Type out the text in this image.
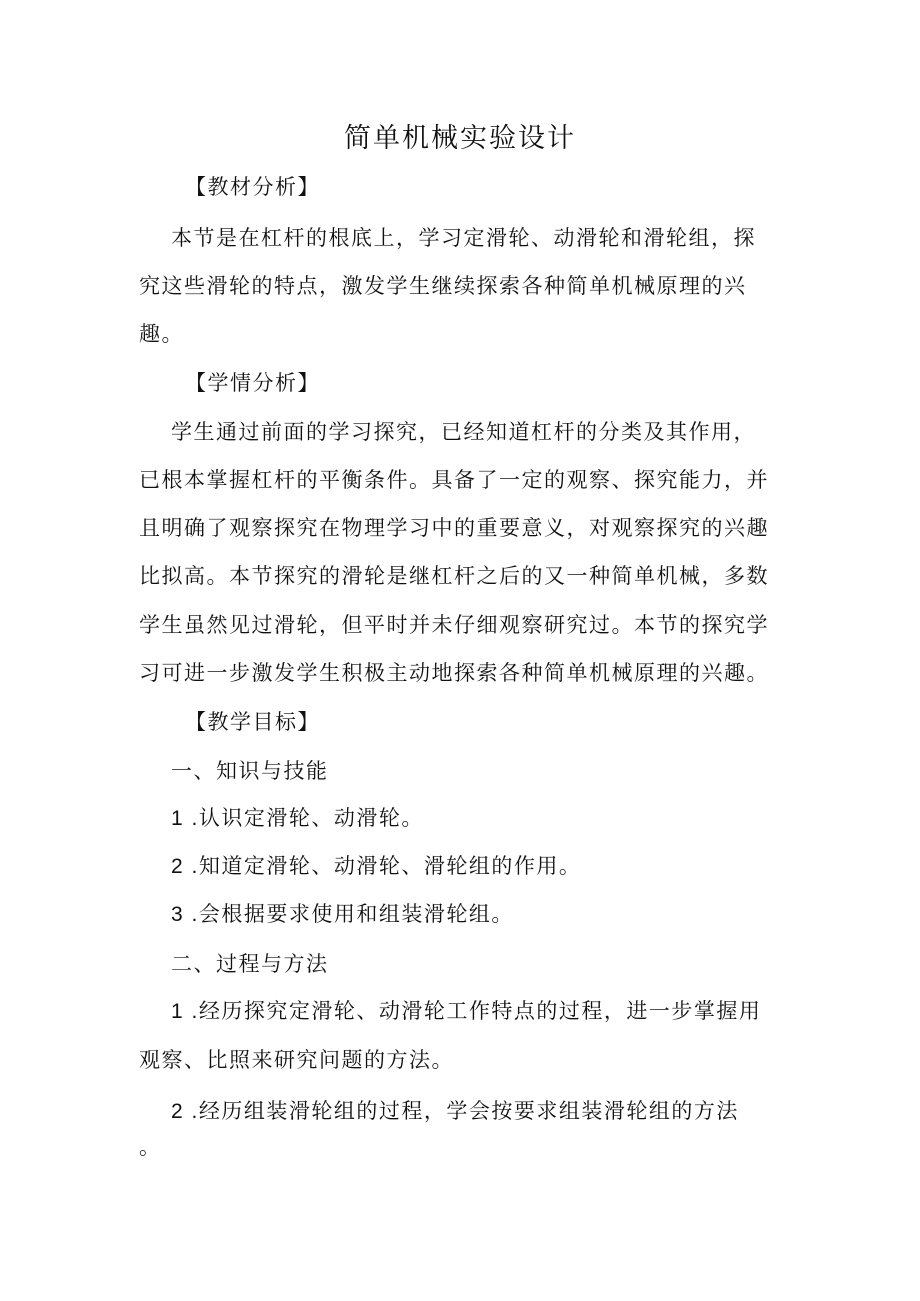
简单机械实验设计
【教材分析】
本节是在杠杆的根底上，学习定滑轮、动滑轮和滑轮组，探
究这些滑轮的特点，激发学生继续探索各种简单机械原理的兴
趣。
【学情分析】
学生通过前面的学习探究，已经知道杠杆的分类及其作用，
已根本掌握杠杆的平衡条件。具备了一定的观察、探究能力，并
且明确了观察探究在物理学习中的重要意义，对观察探究的兴趣
比拟高。本节探究的滑轮是继杠杆之后的又一种简单机械，多数
学生虽然见过滑轮，但平时并未仔细观察研究过。本节的探究学
习可进一步激发学生积极主动地探索各种简单机械原理的兴趣。
【教学目标】
一、知识与技能
1 .认识定滑轮、动滑轮。
2 .知道定滑轮、动滑轮、滑轮组的作用。
3 .会根据要求使用和组装滑轮组。
二、过程与方法
1 .经历探究定滑轮、动滑轮工作特点的过程，进一步掌握用
观察、比照来研究问题的方法。
2 .经历组装滑轮组的过程，学会按要求组装滑轮组的方法
。
